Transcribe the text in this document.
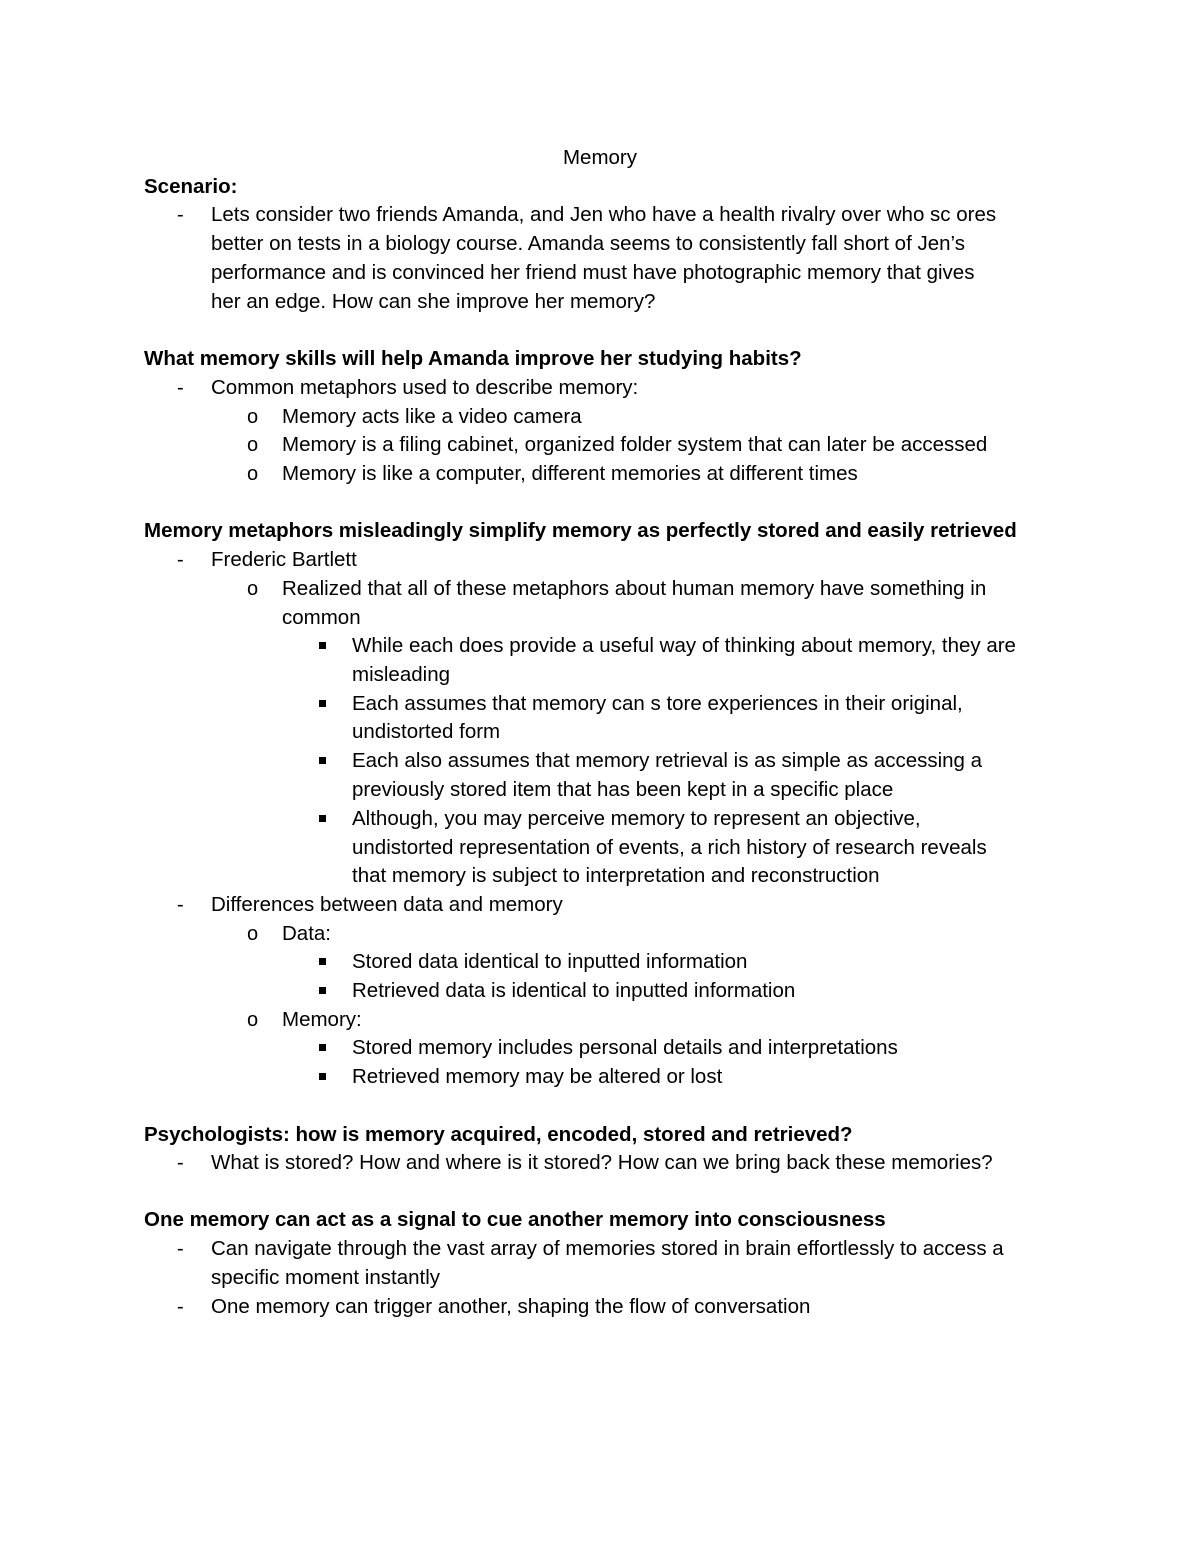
Memory
Scenario:
- Lets consider two friends Amanda, and Jen who have a health rivalry over who sc ores
better on tests in a biology course. Amanda seems to consistently fall short of Jen’s
performance and is convinced her friend must have photographic memory that gives
her an edge. How can she improve her memory?
What memory skills will help Amanda improve her studying habits?
- Common metaphors used to describe memory:
o Memory acts like a video camera
o Memory is a filing cabinet, organized folder system that can later be accessed
o Memory is like a computer, different memories at different times
Memory metaphors misleadingly simplify memory as perfectly stored and easily retrieved
- Frederic Bartlett
o Realized that all of these metaphors about human memory have something in
common
While each does provide a useful way of thinking about memory, they are
misleading
Each assumes that memory can s tore experiences in their original,
undistorted form
Each also assumes that memory retrieval is as simple as accessing a
previously stored item that has been kept in a specific place
Although, you may perceive memory to represent an objective,
undistorted representation of events, a rich history of research reveals
that memory is subject to interpretation and reconstruction
- Differences between data and memory
o Data:
Stored data identical to inputted information
Retrieved data is identical to inputted information
o Memory:
Stored memory includes personal details and interpretations
Retrieved memory may be altered or lost
Psychologists: how is memory acquired, encoded, stored and retrieved?
- What is stored? How and where is it stored? How can we bring back these memories?
One memory can act as a signal to cue another memory into consciousness
- Can navigate through the vast array of memories stored in brain effortlessly to access a
specific moment instantly
- One memory can trigger another, shaping the flow of conversation
